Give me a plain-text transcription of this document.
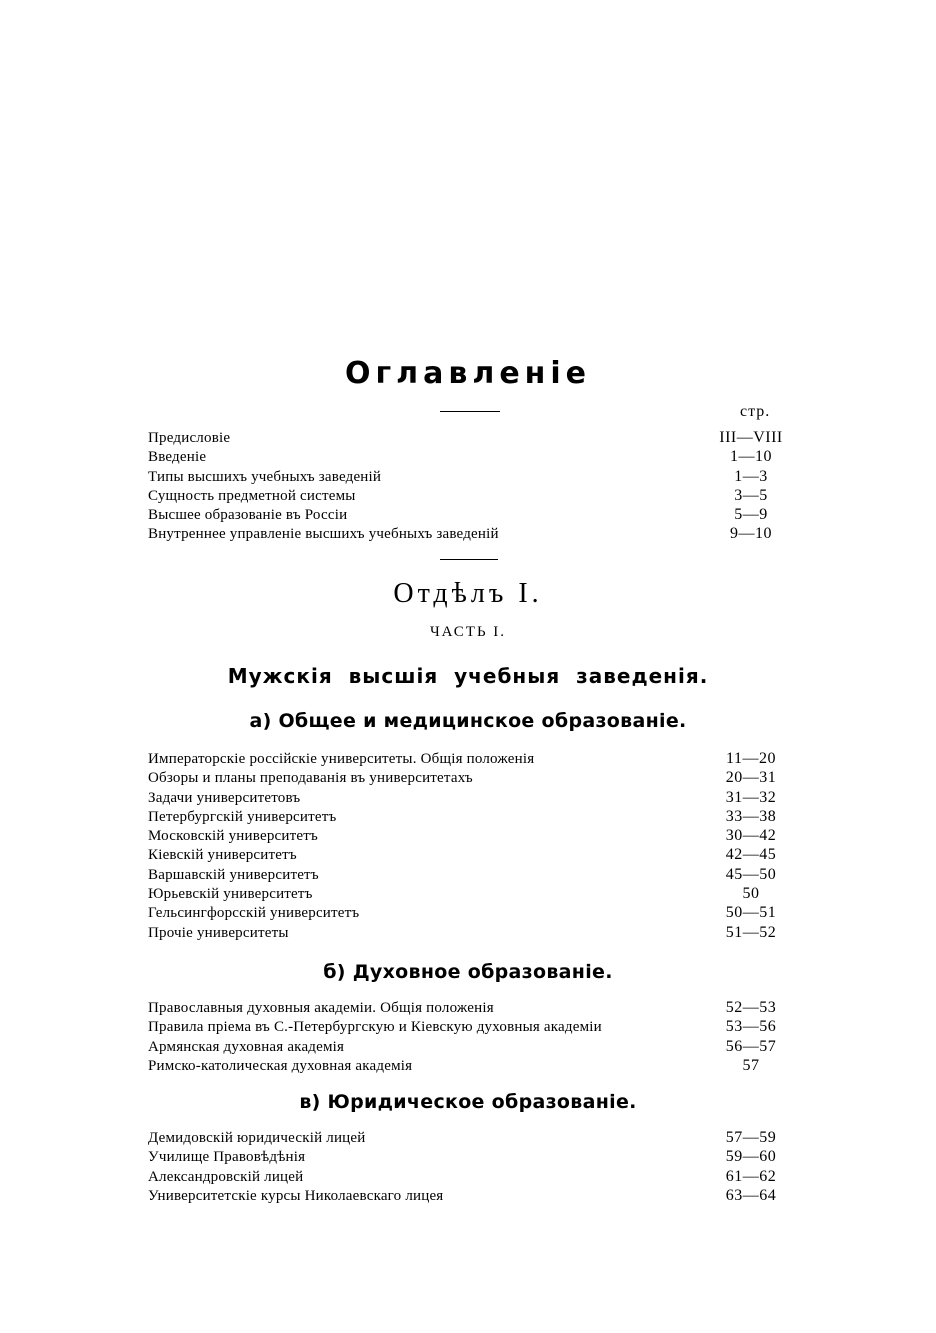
Оглавленіе
стр.
Предисловіе	III—VIII
Введеніе	1—10
Типы высшихъ учебныхъ заведеній	1—3
Сущность предметной системы	3—5
Высшее образованіе въ Россіи	5—9
Внутреннее управленіе высшихъ учебныхъ заведеній	9—10
Отдѣлъ I.
ЧАСТЬ I.
Мужскія высшія учебныя заведенія.
а) Общее и медицинское образованіе.
Императорскіе россійскіе университеты. Общія положенія	11—20
Обзоры и планы преподаванія въ университетахъ	20—31
Задачи университетовъ	31—32
Петербургскій университетъ	33—38
Московскій университетъ	30—42
Кіевскій университетъ	42—45
Варшавскій университетъ	45—50
Юрьевскій университетъ	50
Гельсингфорсскій университетъ	50—51
Прочіе университеты	51—52
б) Духовное образованіе.
Православныя духовныя академіи. Общія положенія	52—53
Правила пріема въ С.-Петербургскую и Кіевскую духовныя академіи	53—56
Армянская духовная академія	56—57
Римско-католическая духовная академія	57
в) Юридическое образованіе.
Демидовскій юридическій лицей	57—59
Училище Правовѣдѣнія	59—60
Александровскій лицей	61—62
Университетскіе курсы Николаевскаго лицея	63—64
